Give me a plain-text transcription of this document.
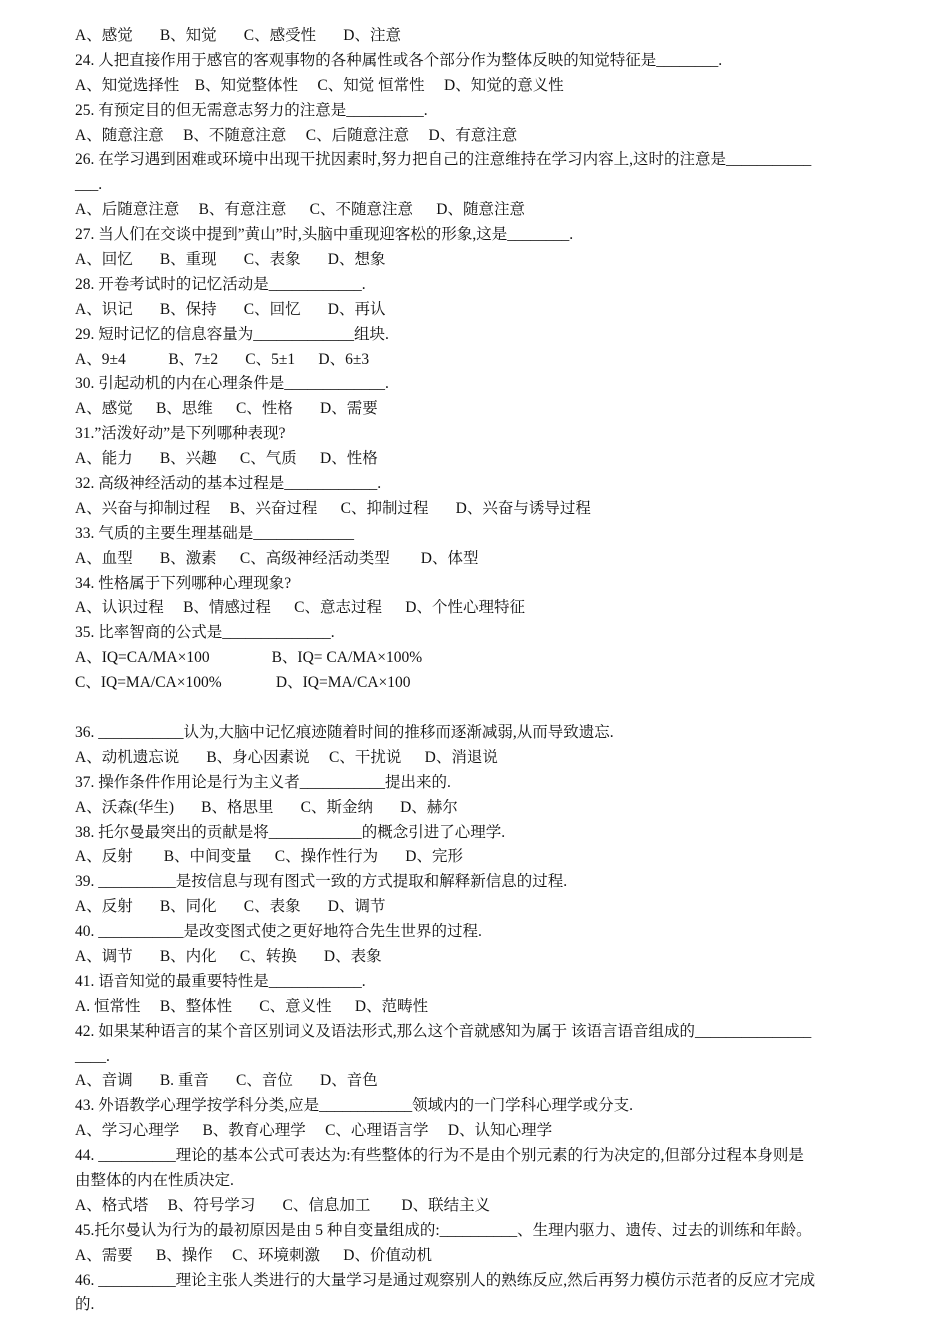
A、感觉       B、知觉       C、感受性       D、注意
24. 人把直接作用于感官的客观事物的各种属性或各个部分作为整体反映的知觉特征是________.
A、知觉选择性    B、知觉整体性     C、知觉 恒常性     D、知觉的意义性
25. 有预定目的但无需意志努力的注意是__________.
A、随意注意     B、不随意注意     C、后随意注意     D、有意注意
26. 在学习遇到困难或环境中出现干扰因素时,努力把自己的注意维持在学习内容上,这时的注意是___________
___.
A、后随意注意     B、有意注意      C、不随意注意      D、随意注意
27. 当人们在交谈中提到”黄山”时,头脑中重现迎客松的形象,这是________.
A、回忆       B、重现       C、表象       D、想象
28. 开卷考试时的记忆活动是____________.
A、识记       B、保持       C、回忆       D、再认
29. 短时记忆的信息容量为_____________组块.
A、9±4           B、7±2       C、5±1      D、6±3
30. 引起动机的内在心理条件是_____________.
A、感觉      B、思维      C、性格       D、需要
31.”活泼好动”是下列哪种表现?
A、能力       B、兴趣      C、气质      D、性格
32. 高级神经活动的基本过程是____________.
A、兴奋与抑制过程     B、兴奋过程      C、抑制过程       D、兴奋与诱导过程
33. 气质的主要生理基础是_____________
A、血型       B、激素      C、高级神经活动类型        D、体型
34. 性格属于下列哪种心理现象?
A、认识过程     B、情感过程      C、意志过程      D、个性心理特征
35. 比率智商的公式是______________.
A、IQ=CA/MA×100                B、IQ= CA/MA×100%
C、IQ=MA/CA×100%              D、IQ=MA/CA×100
36. ___________认为,大脑中记忆痕迹随着时间的推移而逐渐减弱,从而导致遗忘.
A、动机遗忘说       B、身心因素说     C、干扰说      D、消退说
37. 操作条件作用论是行为主义者___________提出来的.
A、沃森(华生)       B、格思里       C、斯金纳       D、赫尔
38. 托尔曼最突出的贡献是将____________的概念引进了心理学.
A、反射        B、中间变量      C、操作性行为       D、完形
39. __________是按信息与现有图式一致的方式提取和解释新信息的过程.
A、反射       B、同化       C、表象       D、调节
40. ___________是改变图式使之更好地符合先生世界的过程.
A、调节       B、内化      C、转换       D、表象
41. 语音知觉的最重要特性是____________.
A. 恒常性     B、整体性       C、意义性      D、范畴性
42. 如果某种语言的某个音区别词义及语法形式,那么这个音就感知为属于 该语言语音组成的_______________
____.
A、音调       B. 重音       C、音位       D、音色
43. 外语教学心理学按学科分类,应是____________领域内的一门学科心理学或分支.
A、学习心理学      B、教育心理学     C、心理语言学     D、认知心理学
44. __________理论的基本公式可表达为:有些整体的行为不是由个别元素的行为决定的,但部分过程本身则是
由整体的内在性质决定.
A、格式塔     B、符号学习       C、信息加工        D、联结主义
45.托尔曼认为行为的最初原因是由 5 种自变量组成的:__________、生理内驱力、遗传、过去的训练和年龄。
A、需要      B、操作     C、环境刺激      D、价值动机
46. __________理论主张人类进行的大量学习是通过观察别人的熟练反应,然后再努力模仿示范者的反应才完成
的.
